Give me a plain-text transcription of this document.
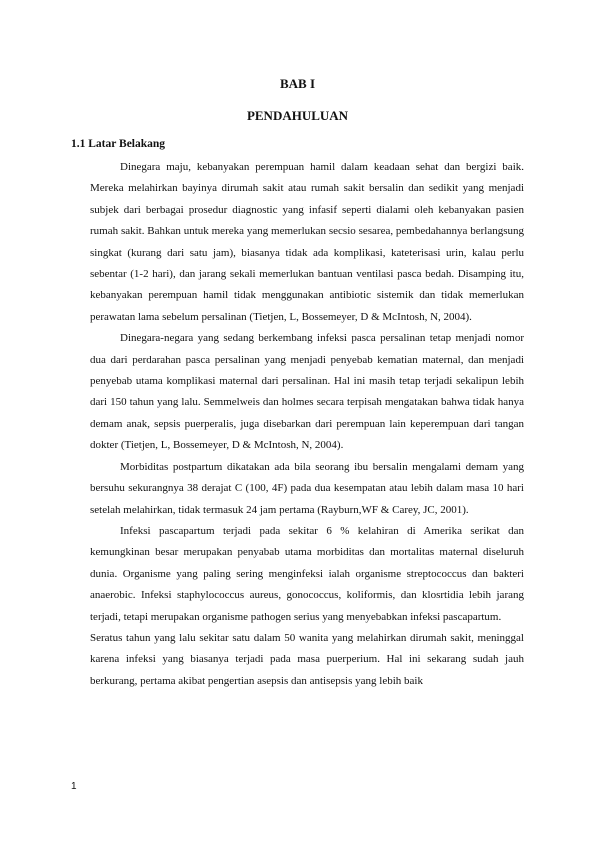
BAB I
PENDAHULUAN
1.1 Latar Belakang

Dinegara maju, kebanyakan perempuan hamil dalam keadaan sehat dan bergizi baik. Mereka melahirkan bayinya dirumah sakit atau rumah sakit bersalin dan sedikit yang menjadi subjek dari berbagai prosedur diagnostic yang infasif seperti dialami oleh kebanyakan pasien rumah sakit. Bahkan untuk mereka yang memerlukan secsio sesarea, pembedahannya berlangsung singkat (kurang dari satu jam), biasanya tidak ada komplikasi, kateterisasi urin, kalau perlu sebentar (1-2 hari), dan jarang sekali memerlukan bantuan ventilasi pasca bedah. Disamping itu, kebanyakan perempuan hamil tidak menggunakan antibiotic sistemik dan tidak memerlukan perawatan lama sebelum persalinan (Tietjen, L, Bossemeyer, D & McIntosh, N, 2004).

Dinegara-negara yang sedang berkembang infeksi pasca persalinan tetap menjadi nomor dua dari perdarahan pasca persalinan yang menjadi penyebab kematian maternal, dan menjadi penyebab utama komplikasi maternal dari persalinan. Hal ini masih tetap terjadi sekalipun lebih dari 150 tahun yang lalu. Semmelweis dan holmes secara terpisah mengatakan bahwa tidak hanya demam anak, sepsis puerperalis, juga disebarkan dari perempuan lain keperempuan dari tangan dokter (Tietjen, L, Bossemeyer, D & McIntosh, N, 2004).

Morbiditas postpartum dikatakan ada bila seorang ibu bersalin mengalami demam yang bersuhu sekurangnya 38 derajat C (100, 4F) pada dua kesempatan atau lebih dalam masa 10 hari setelah melahirkan, tidak termasuk 24 jam pertama (Rayburn,WF & Carey, JC, 2001).

Infeksi pascapartum terjadi pada sekitar 6 % kelahiran di Amerika serikat dan kemungkinan besar merupakan penyabab utama morbiditas dan mortalitas maternal diseluruh dunia. Organisme yang paling sering menginfeksi ialah organisme streptococcus dan bakteri anaerobic. Infeksi staphylococcus aureus, gonococcus, koliformis, dan klosrtidia lebih jarang terjadi, tetapi merupakan organisme pathogen serius yang menyebabkan infeksi pascapartum.

Seratus tahun yang lalu sekitar satu dalam 50 wanita yang melahirkan dirumah sakit, meninggal karena infeksi yang biasanya terjadi pada masa puerperium. Hal ini sekarang sudah jauh berkurang, pertama akibat pengertian asepsis dan antisepsis yang lebih baik

1
